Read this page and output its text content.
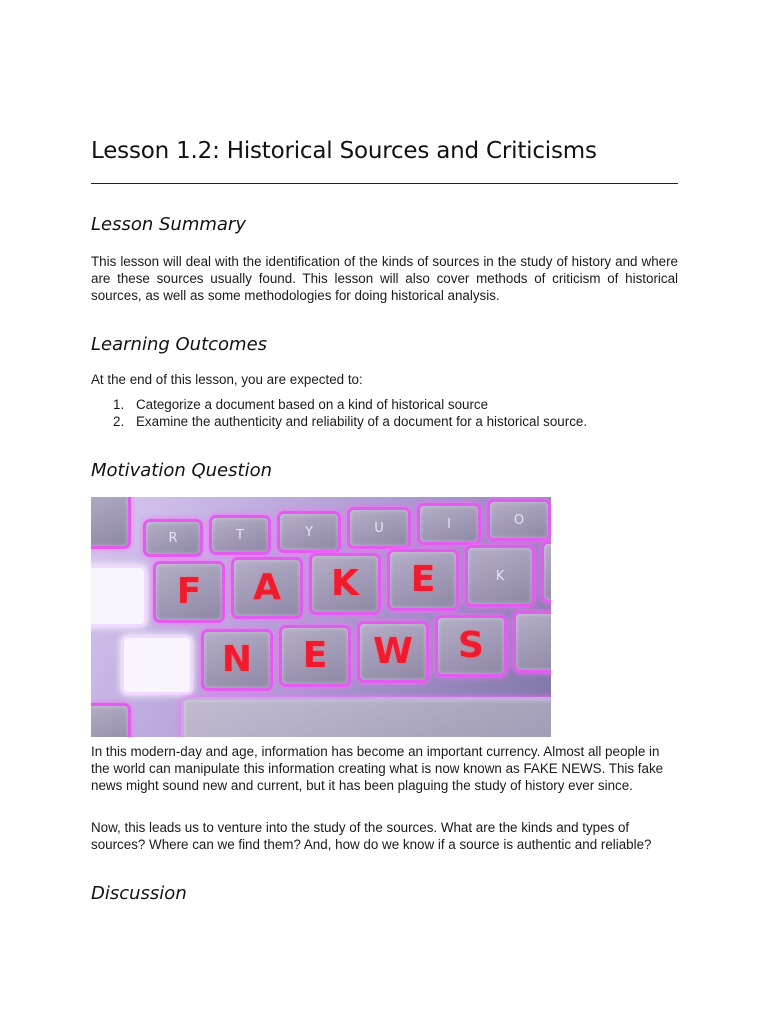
Lesson 1.2: Historical Sources and Criticisms
Lesson Summary

This lesson will deal with the identification of the kinds of sources in the study of history and where are these sources usually found. This lesson will also cover methods of criticism of historical sources, as well as some methodologies for doing historical analysis.

Learning Outcomes

At the end of this lesson, you are expected to:

1. Categorize a document based on a kind of historical source
2. Examine the authenticity and reliability of a document for a historical source.
Motivation Question
R	T	Y	U	I	O
F A K E	K
N E W S

In this modern-day and age, information has become an important currency. Almost all people in the world can manipulate this information creating what is now known as FAKE NEWS. This fake news might sound new and current, but it has been plaguing the study of history ever since.

Now, this leads us to venture into the study of the sources. What are the kinds and types of sources? Where can we find them? And, how do we know if a source is authentic and reliable?

Discussion
